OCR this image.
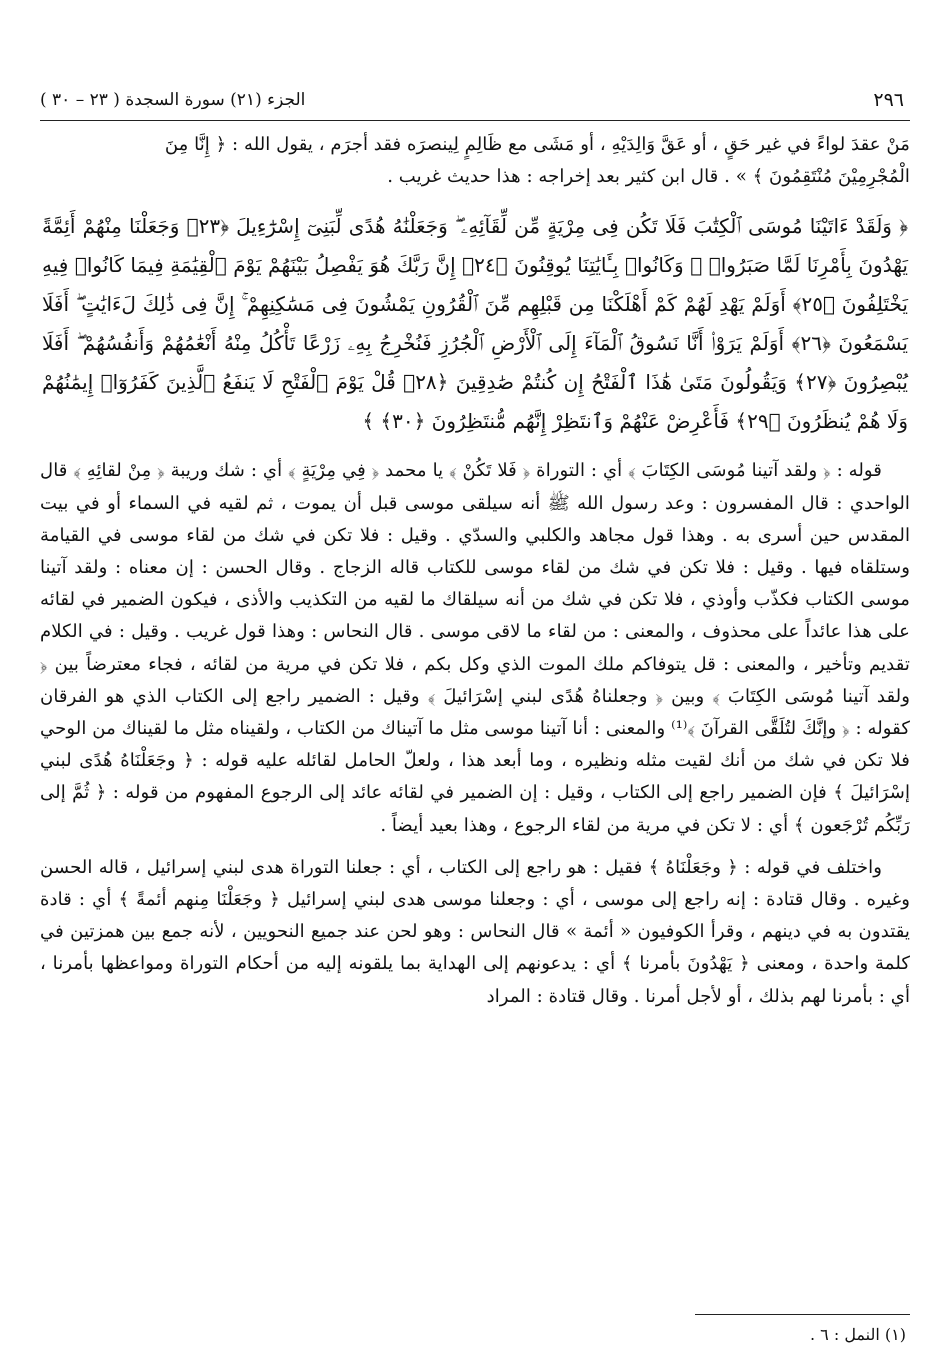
٢٩٦
الجزء (٢١) سورة السجدة ( ٢٣ – ٣٠ )

مَنْ عقدَ لواءً في غير حَقٍ ، أو عَقَّ وَالِدَيْهِ ، أو مَشَى مع ظَالِمٍ لِينصرَه فقد أجرَم ، يقول الله : ﴿ إِنَّا مِنَ

الْمُجْرِمِيْنَ مُنْتَقِمُونَ ﴾ » . قال ابن كثير بعد إخراجه : هذا حديث غريب .

﴿ وَلَقَدْ ءَاتَيْنَا مُوسَى ٱلْكِتَٰبَ فَلَا تَكُن فِى مِرْيَةٍ مِّن لِّقَآئِهِۦ ۖ وَجَعَلْنَٰهُ هُدًى لِّبَنِىٓ إِسْرَٰٓءِيلَ ﴿٢٣﴾ وَجَعَلْنَا مِنْهُمْ أَئِمَّةً يَهْدُونَ بِأَمْرِنَا لَمَّا صَبَرُوا۟ ۖ وَكَانُوا۟ بِـَٔايَٰتِنَا يُوقِنُونَ ﴿٢٤﴾ إِنَّ رَبَّكَ هُوَ يَفْصِلُ بَيْنَهُمْ يَوْمَ ٱلْقِيَٰمَةِ فِيمَا كَانُوا۟ فِيهِ يَخْتَلِفُونَ ﴿٢٥﴾ أَوَلَمْ يَهْدِ لَهُمْ كَمْ أَهْلَكْنَا مِن قَبْلِهِم مِّنَ ٱلْقُرُونِ يَمْشُونَ فِى مَسَٰكِنِهِمْ ۚ إِنَّ فِى ذَٰلِكَ لَءَايَٰتٍ ۖ أَفَلَا يَسْمَعُونَ ﴿٢٦﴾ أَوَلَمْ يَرَوْا۟ أَنَّا نَسُوقُ ٱلْمَآءَ إِلَى ٱلْأَرْضِ ٱلْجُرُزِ فَنُخْرِجُ بِهِۦ زَرْعًا تَأْكُلُ مِنْهُ أَنْعَٰمُهُمْ وَأَنفُسُهُمْ ۖ أَفَلَا يُبْصِرُونَ ﴿٢٧﴾ وَيَقُولُونَ مَتَىٰ هَٰذَا ٱلْفَتْحُ إِن كُنتُمْ صَٰدِقِينَ ﴿٢٨﴾ قُلْ يَوْمَ ٱلْفَتْحِ لَا يَنفَعُ ٱلَّذِينَ كَفَرُوٓا۟ إِيمَٰنُهُمْ وَلَا هُمْ يُنظَرُونَ ﴿٢٩﴾ فَأَعْرِضْ عَنْهُمْ وَٱنتَظِرْ إِنَّهُم مُّنتَظِرُونَ ﴿٣٠﴾ ﴾

قوله : ﴿ ولقد آتينا مُوسَى الكِتَابَ ﴾ أي : التوراة ﴿ فَلا تَكُنْ ﴾ يا محمد ﴿ فِي مِرْيَةٍ ﴾ أي : شك وريبة ﴿ مِنْ لقائِهِ ﴾ قال الواحدي : قال المفسرون : وعد رسول الله ﷺ أنه سيلقى موسى قبل أن يموت ، ثم لقيه في السماء أو في بيت المقدس حين أسرى به . وهذا قول مجاهد والكلبي والسدّي . وقيل : فلا تكن في شك من لقاء موسى في القيامة وستلقاه فيها . وقيل : فلا تكن في شك من لقاء موسى للكتاب قاله الزجاج . وقال الحسن : إن معناه : ولقد آتينا موسى الكتاب فكذّب وأوذي ، فلا تكن في شك من أنه سيلقاك ما لقيه من التكذيب والأذى ، فيكون الضمير في لقائه على هذا عائداً على محذوف ، والمعنى : من لقاء ما لاقى موسى . قال النحاس : وهذا قول غريب . وقيل : في الكلام تقديم وتأخير ، والمعنى : قل يتوفاكم ملك الموت الذي وكل بكم ، فلا تكن في مرية من لقائه ، فجاء معترضاً بين ﴿ ولقد آتينا مُوسَى الكِتَابَ ﴾ وبين ﴿ وجعلناهُ هُدًى لبني إسْرَائيلَ ﴾ وقيل : الضمير راجع إلى الكتاب الذي هو الفرقان كقوله : ﴿ وإنَّكَ لتُلَقَّى القرآنَ ﴾⁽¹⁾ والمعنى : أنا آتينا موسى مثل ما آتيناك من الكتاب ، ولقيناه مثل ما لقيناك من الوحي فلا تكن في شك من أنك لقيت مثله ونظيره ، وما أبعد هذا ، ولعلّ الحامل لقائله عليه قوله : ﴿ وجَعَلْنَاهُ هُدًى لبني إسْرَائيلَ ﴾ فإن الضمير راجع إلى الكتاب ، وقيل : إن الضمير في لقائه عائد إلى الرجوع المفهوم من قوله : ﴿ ثُمَّ إلى رَبِّكُم تُرْجَعون ﴾ أي : لا تكن في مرية من لقاء الرجوع ، وهذا بعيد أيضاً .

واختلف في قوله : ﴿ وجَعَلْنَاهُ ﴾ فقيل : هو راجع إلى الكتاب ، أي : جعلنا التوراة هدى لبني إسرائيل ، قاله الحسن وغيره . وقال قتادة : إنه راجع إلى موسى ، أي : وجعلنا موسى هدى لبني إسرائيل ﴿ وجَعَلْنَا مِنهم أئمةً ﴾ أي : قادة يقتدون به في دينهم ، وقرأ الكوفيون « أئمة » قال النحاس : وهو لحن عند جميع النحويين ، لأنه جمع بين همزتين في كلمة واحدة ، ومعنى ﴿ يَهْدُونَ بأمرنا ﴾ أي : يدعونهم إلى الهداية بما يلقونه إليه من أحكام التوراة ومواعظها بأمرنا ، أي : بأمرنا لهم بذلك ، أو لأجل أمرنا . وقال قتادة : المراد

(١) النمل : ٦ .
